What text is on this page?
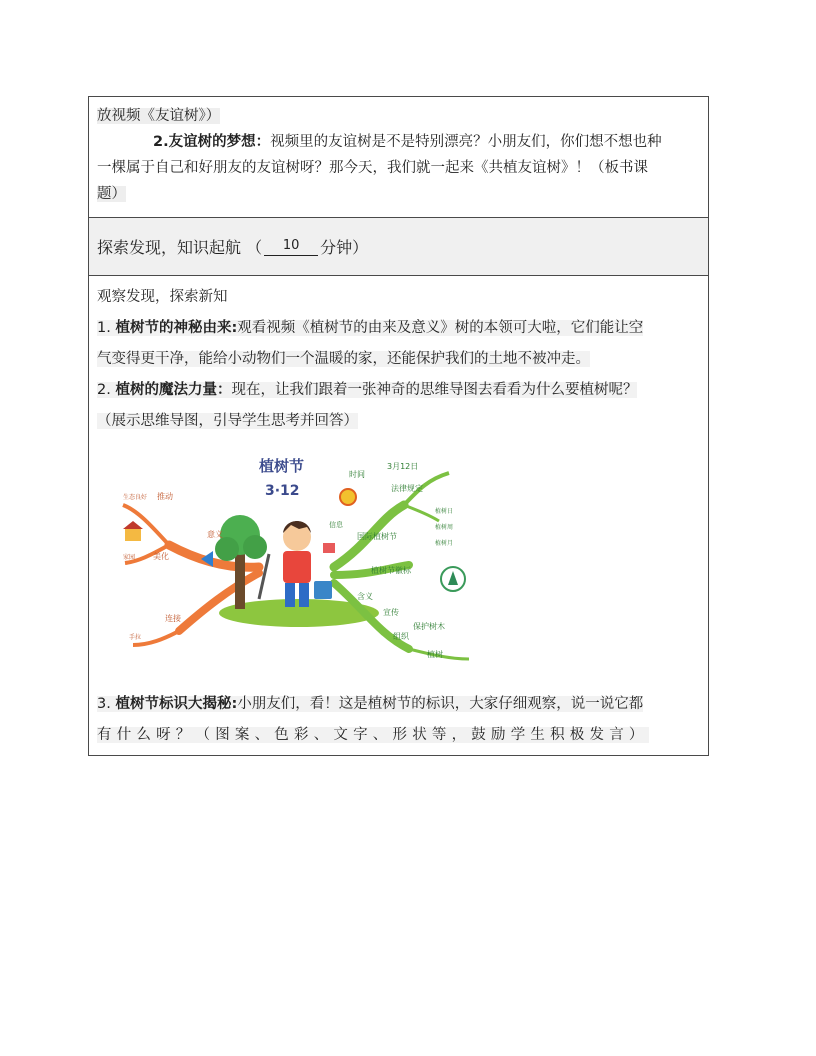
放视频《友谊树》）
2.友谊树的梦想：视频里的友谊树是不是特别漂亮？小朋友们，你们想不想也种
一棵属于自己和好朋友的友谊树呀？那今天，我们就一起来《共植友谊树》！（板书课
题）
探索发现，知识起航 （	10	分钟）
观察发现，探索新知
1. 植树节的神秘由来:观看视频《植树节的由来及意义》树的本领可大啦，它们能让空
气变得更干净，能给小动物们一个温暖的家，还能保护我们的土地不被冲走。
2. 植树的魔法力量：现在，让我们跟着一张神奇的思维导图去看看为什么要植树呢？
（展示思维导图，引导学生思考并回答）
植树节
3·12
时间
3月12日
法律规定
国际植树节
植树日
植树周
植树月
植树节徽标
意义
生态良好 推动
家园 美化
手拉
连接
含义
宣传
保护树木
组织
植树
信息
3. 植树节标识大揭秘:小朋友们，看！这是植树节的标识，大家仔细观察，说一说它都
有什么呀？（图案、色彩、文字、形状等，鼓励学生积极发言）
